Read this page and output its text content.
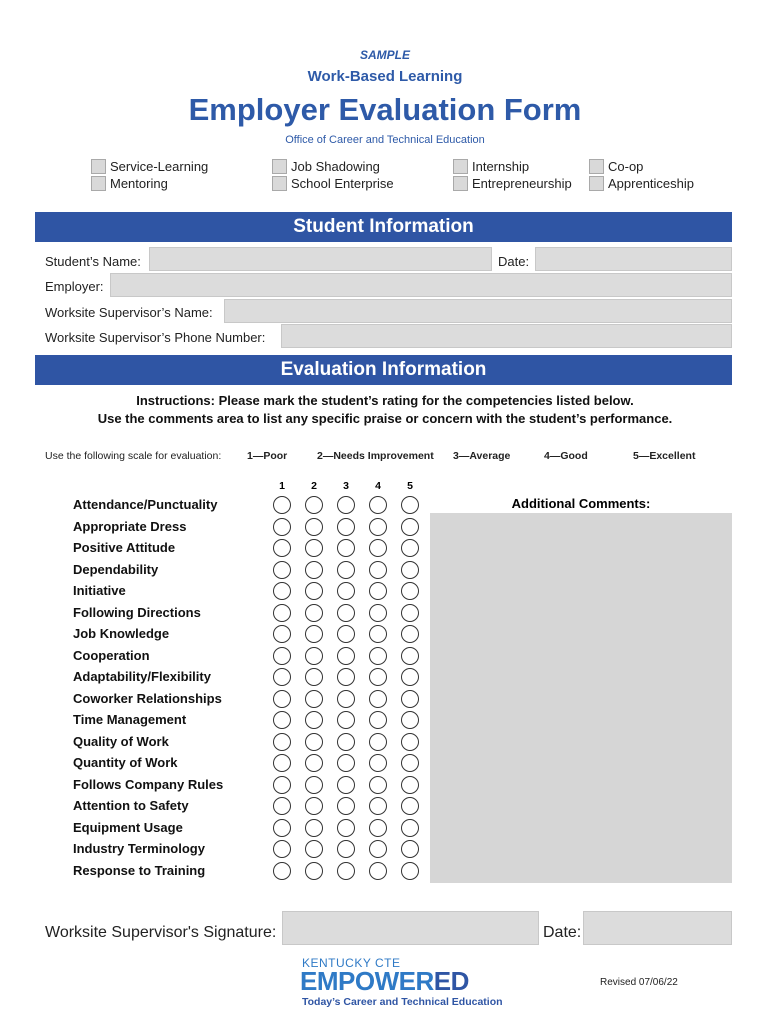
SAMPLE
Work-Based Learning
Employer Evaluation Form
Office of Career and Technical Education
Service-Learning
Mentoring
Job Shadowing
School Enterprise
Internship
Entrepreneurship
Co-op
Apprenticeship
Student Information
Student’s Name:	Date:
Employer:
Worksite Supervisor’s Name:
Worksite Supervisor’s Phone Number:
Evaluation Information
Instructions: Please mark the student’s rating for the competencies listed below.
Use the comments area to list any specific praise or concern with the student’s performance.
Use the following scale for evaluation: 1—Poor	2—Needs Improvement 3—Average	4—Good	5—Excellent
1	2	3	4	5
Attendance/Punctuality
Appropriate Dress
Positive Attitude
Dependability
Initiative
Following Directions
Job Knowledge
Cooperation
Adaptability/Flexibility
Coworker Relationships
Time Management
Quality of Work
Quantity of Work
Follows Company Rules
Attention to Safety
Equipment Usage
Industry Terminology
Response to Training
Additional Comments:
Worksite Supervisor's Signature:	Date:
KENTUCKY CTE
EMPOWERED
Today’s Career and Technical Education
Revised 07/06/22
